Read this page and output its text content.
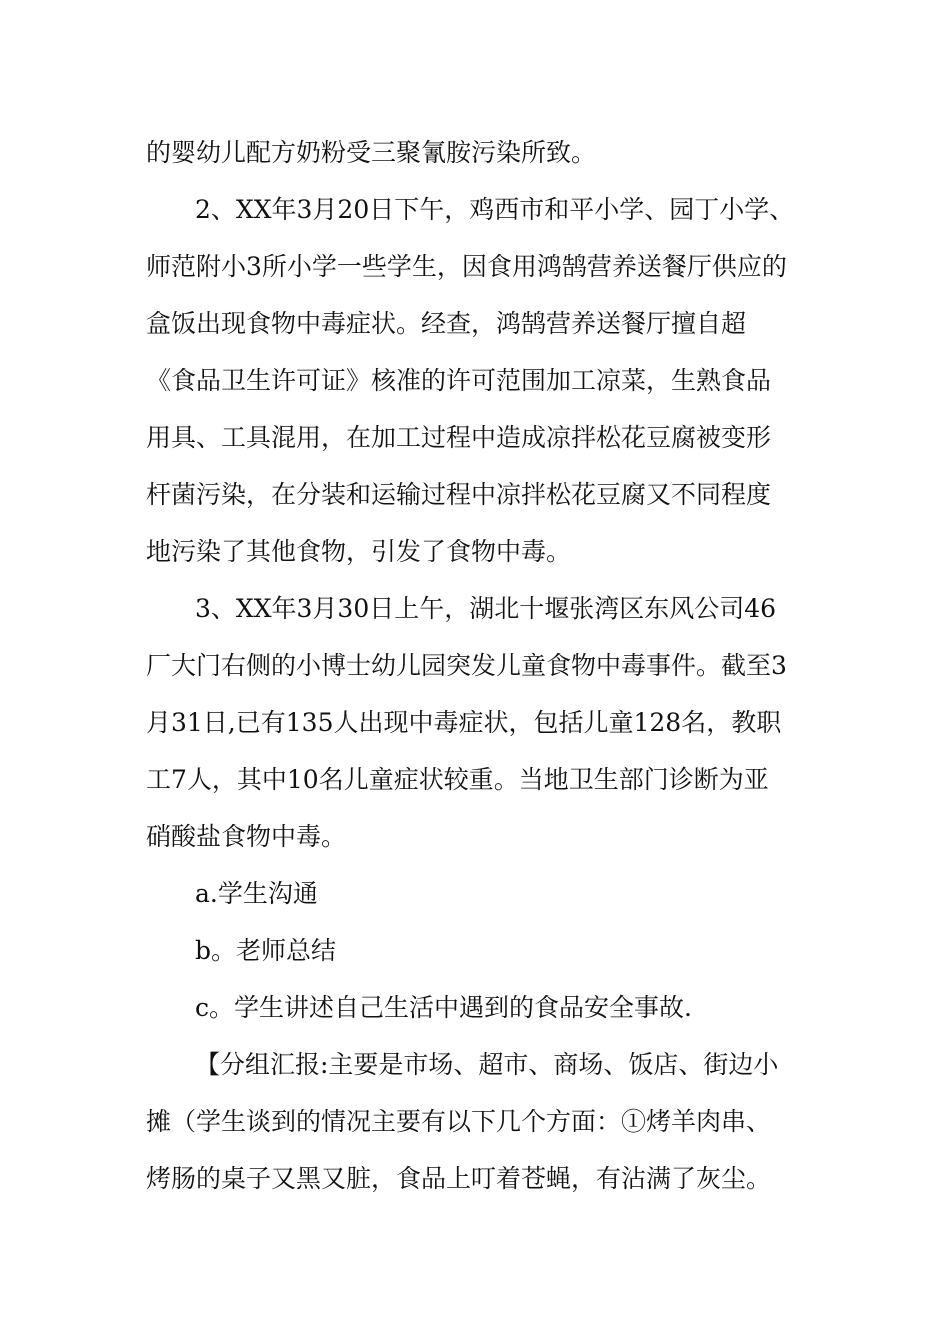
的婴幼儿配方奶粉受三聚氰胺污染所致。
2、XX年3月20日下午，鸡西市和平小学、园丁小学、
师范附小3所小学一些学生，因食用鸿鹄营养送餐厅供应的
盒饭出现食物中毒症状。经查，鸿鹄营养送餐厅擅自超
《食品卫生许可证》核准的许可范围加工凉菜，生熟食品
用具、工具混用，在加工过程中造成凉拌松花豆腐被变形
杆菌污染，在分装和运输过程中凉拌松花豆腐又不同程度
地污染了其他食物，引发了食物中毒。
3、XX年3月30日上午，湖北十堰张湾区东风公司46
厂大门右侧的小博士幼儿园突发儿童食物中毒事件。截至3
月31日,已有135人出现中毒症状，包括儿童128名，教职
工7人，其中10名儿童症状较重。当地卫生部门诊断为亚
硝酸盐食物中毒。
a.学生沟通
b。老师总结
c。学生讲述自己生活中遇到的食品安全事故.
【分组汇报:主要是市场、超市、商场、饭店、街边小
摊（学生谈到的情况主要有以下几个方面：①烤羊肉串、
烤肠的桌子又黑又脏，食品上叮着苍蝇，有沾满了灰尘。
